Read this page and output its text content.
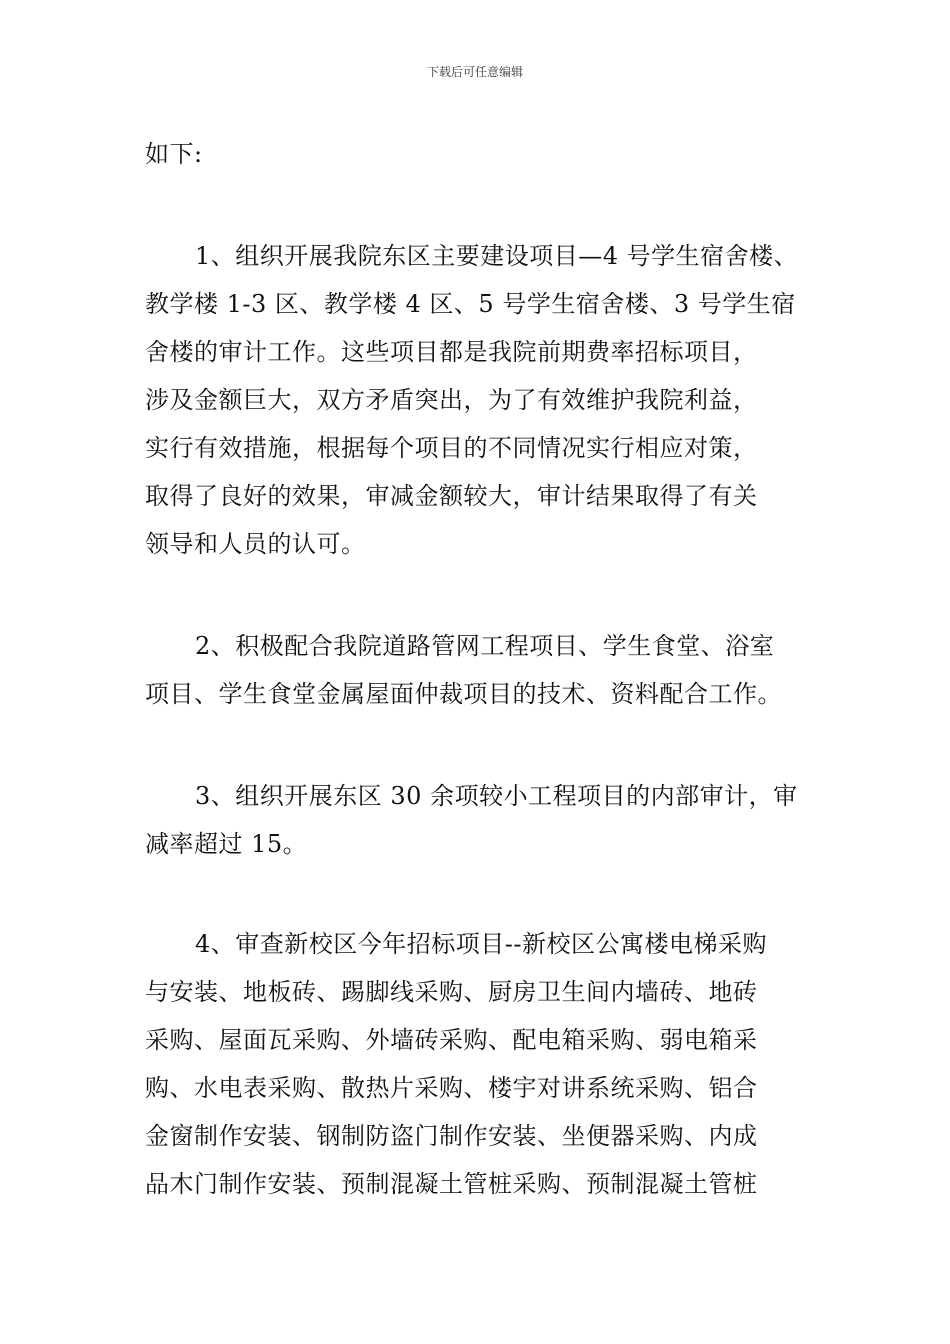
下载后可任意编辑
如下:
1、组织开展我院东区主要建设项目—4 号学生宿舍楼、
教学楼 1-3 区、教学楼 4 区、5 号学生宿舍楼、3 号学生宿
舍楼的审计工作。这些项目都是我院前期费率招标项目，
涉及金额巨大，双方矛盾突出，为了有效维护我院利益，
实行有效措施，根据每个项目的不同情况实行相应对策，
取得了良好的效果，审减金额较大，审计结果取得了有关
领导和人员的认可。
2、积极配合我院道路管网工程项目、学生食堂、浴室
项目、学生食堂金属屋面仲裁项目的技术、资料配合工作。
3、组织开展东区 30 余项较小工程项目的内部审计，审
减率超过 15。
4、审查新校区今年招标项目--新校区公寓楼电梯采购
与安装、地板砖、踢脚线采购、厨房卫生间内墙砖、地砖
采购、屋面瓦采购、外墙砖采购、配电箱采购、弱电箱采
购、水电表采购、散热片采购、楼宇对讲系统采购、铝合
金窗制作安装、钢制防盗门制作安装、坐便器采购、内成
品木门制作安装、预制混凝土管桩采购、预制混凝土管桩
